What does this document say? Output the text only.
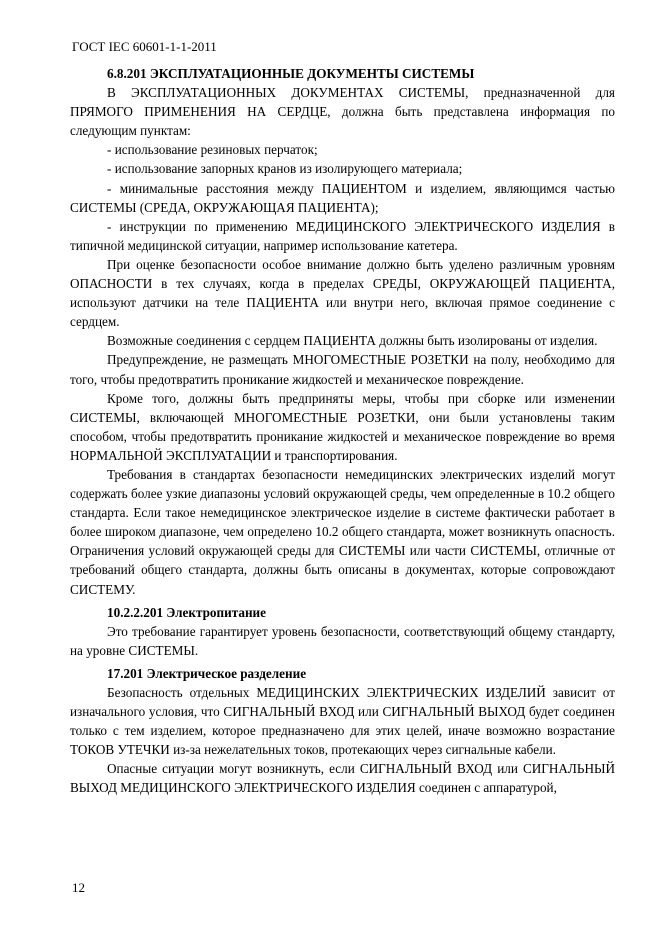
ГОСТ IEC 60601-1-1-2011

6.8.201 ЭКСПЛУАТАЦИОННЫЕ ДОКУМЕНТЫ СИСТЕМЫ

В ЭКСПЛУАТАЦИОННЫХ ДОКУМЕНТАХ СИСТЕМЫ, предназначенной для ПРЯМОГО ПРИМЕНЕНИЯ НА СЕРДЦЕ, должна быть представлена информация по следующим пунктам:

- использование резиновых перчаток;

- использование запорных кранов из изолирующего материала;

- минимальные расстояния между ПАЦИЕНТОМ и изделием, являющимся частью СИСТЕМЫ (СРЕДА, ОКРУЖАЮЩАЯ ПАЦИЕНТА);

- инструкции по применению МЕДИЦИНСКОГО ЭЛЕКТРИЧЕСКОГО ИЗДЕЛИЯ в типичной медицинской ситуации, например использование катетера.

При оценке безопасности особое внимание должно быть уделено различным уровням ОПАСНОСТИ в тех случаях, когда в пределах СРЕДЫ, ОКРУЖАЮЩЕЙ ПАЦИЕНТА, используют датчики на теле ПАЦИЕНТА или внутри него, включая прямое соединение с сердцем.

Возможные соединения с сердцем ПАЦИЕНТА должны быть изолированы от изделия.

Предупреждение, не размещать МНОГОМЕСТНЫЕ РОЗЕТКИ на полу, необходимо для того, чтобы предотвратить проникание жидкостей и механическое повреждение.

Кроме того, должны быть предприняты меры, чтобы при сборке или изменении СИСТЕМЫ, включающей МНОГОМЕСТНЫЕ РОЗЕТКИ, они были установлены таким способом, чтобы предотвратить проникание жидкостей и механическое повреждение во время НОРМАЛЬНОЙ ЭКСПЛУАТАЦИИ и транспортирования.

Требования в стандартах безопасности немедицинских электрических изделий могут содержать более узкие диапазоны условий окружающей среды, чем определенные в 10.2 общего стандарта. Если такое немедицинское электрическое изделие в системе фактически работает в более широком диапазоне, чем определено 10.2 общего стандарта, может возникнуть опасность. Ограничения условий окружающей среды для СИСТЕМЫ или части СИСТЕМЫ, отличные от требований общего стандарта, должны быть описаны в документах, которые сопровождают СИСТЕМУ.

10.2.2.201 Электропитание

Это требование гарантирует уровень безопасности, соответствующий общему стандарту, на уровне СИСТЕМЫ.

17.201 Электрическое разделение

Безопасность отдельных МЕДИЦИНСКИХ ЭЛЕКТРИЧЕСКИХ ИЗДЕЛИЙ зависит от изначального условия, что СИГНАЛЬНЫЙ ВХОД или СИГНАЛЬНЫЙ ВЫХОД будет соединен только с тем изделием, которое предназначено для этих целей, иначе возможно возрастание ТОКОВ УТЕЧКИ из-за нежелательных токов, протекающих через сигнальные кабели.

Опасные ситуации могут возникнуть, если СИГНАЛЬНЫЙ ВХОД или СИГНАЛЬНЫЙ ВЫХОД МЕДИЦИНСКОГО ЭЛЕКТРИЧЕСКОГО ИЗДЕЛИЯ соединен с аппаратурой,

12
